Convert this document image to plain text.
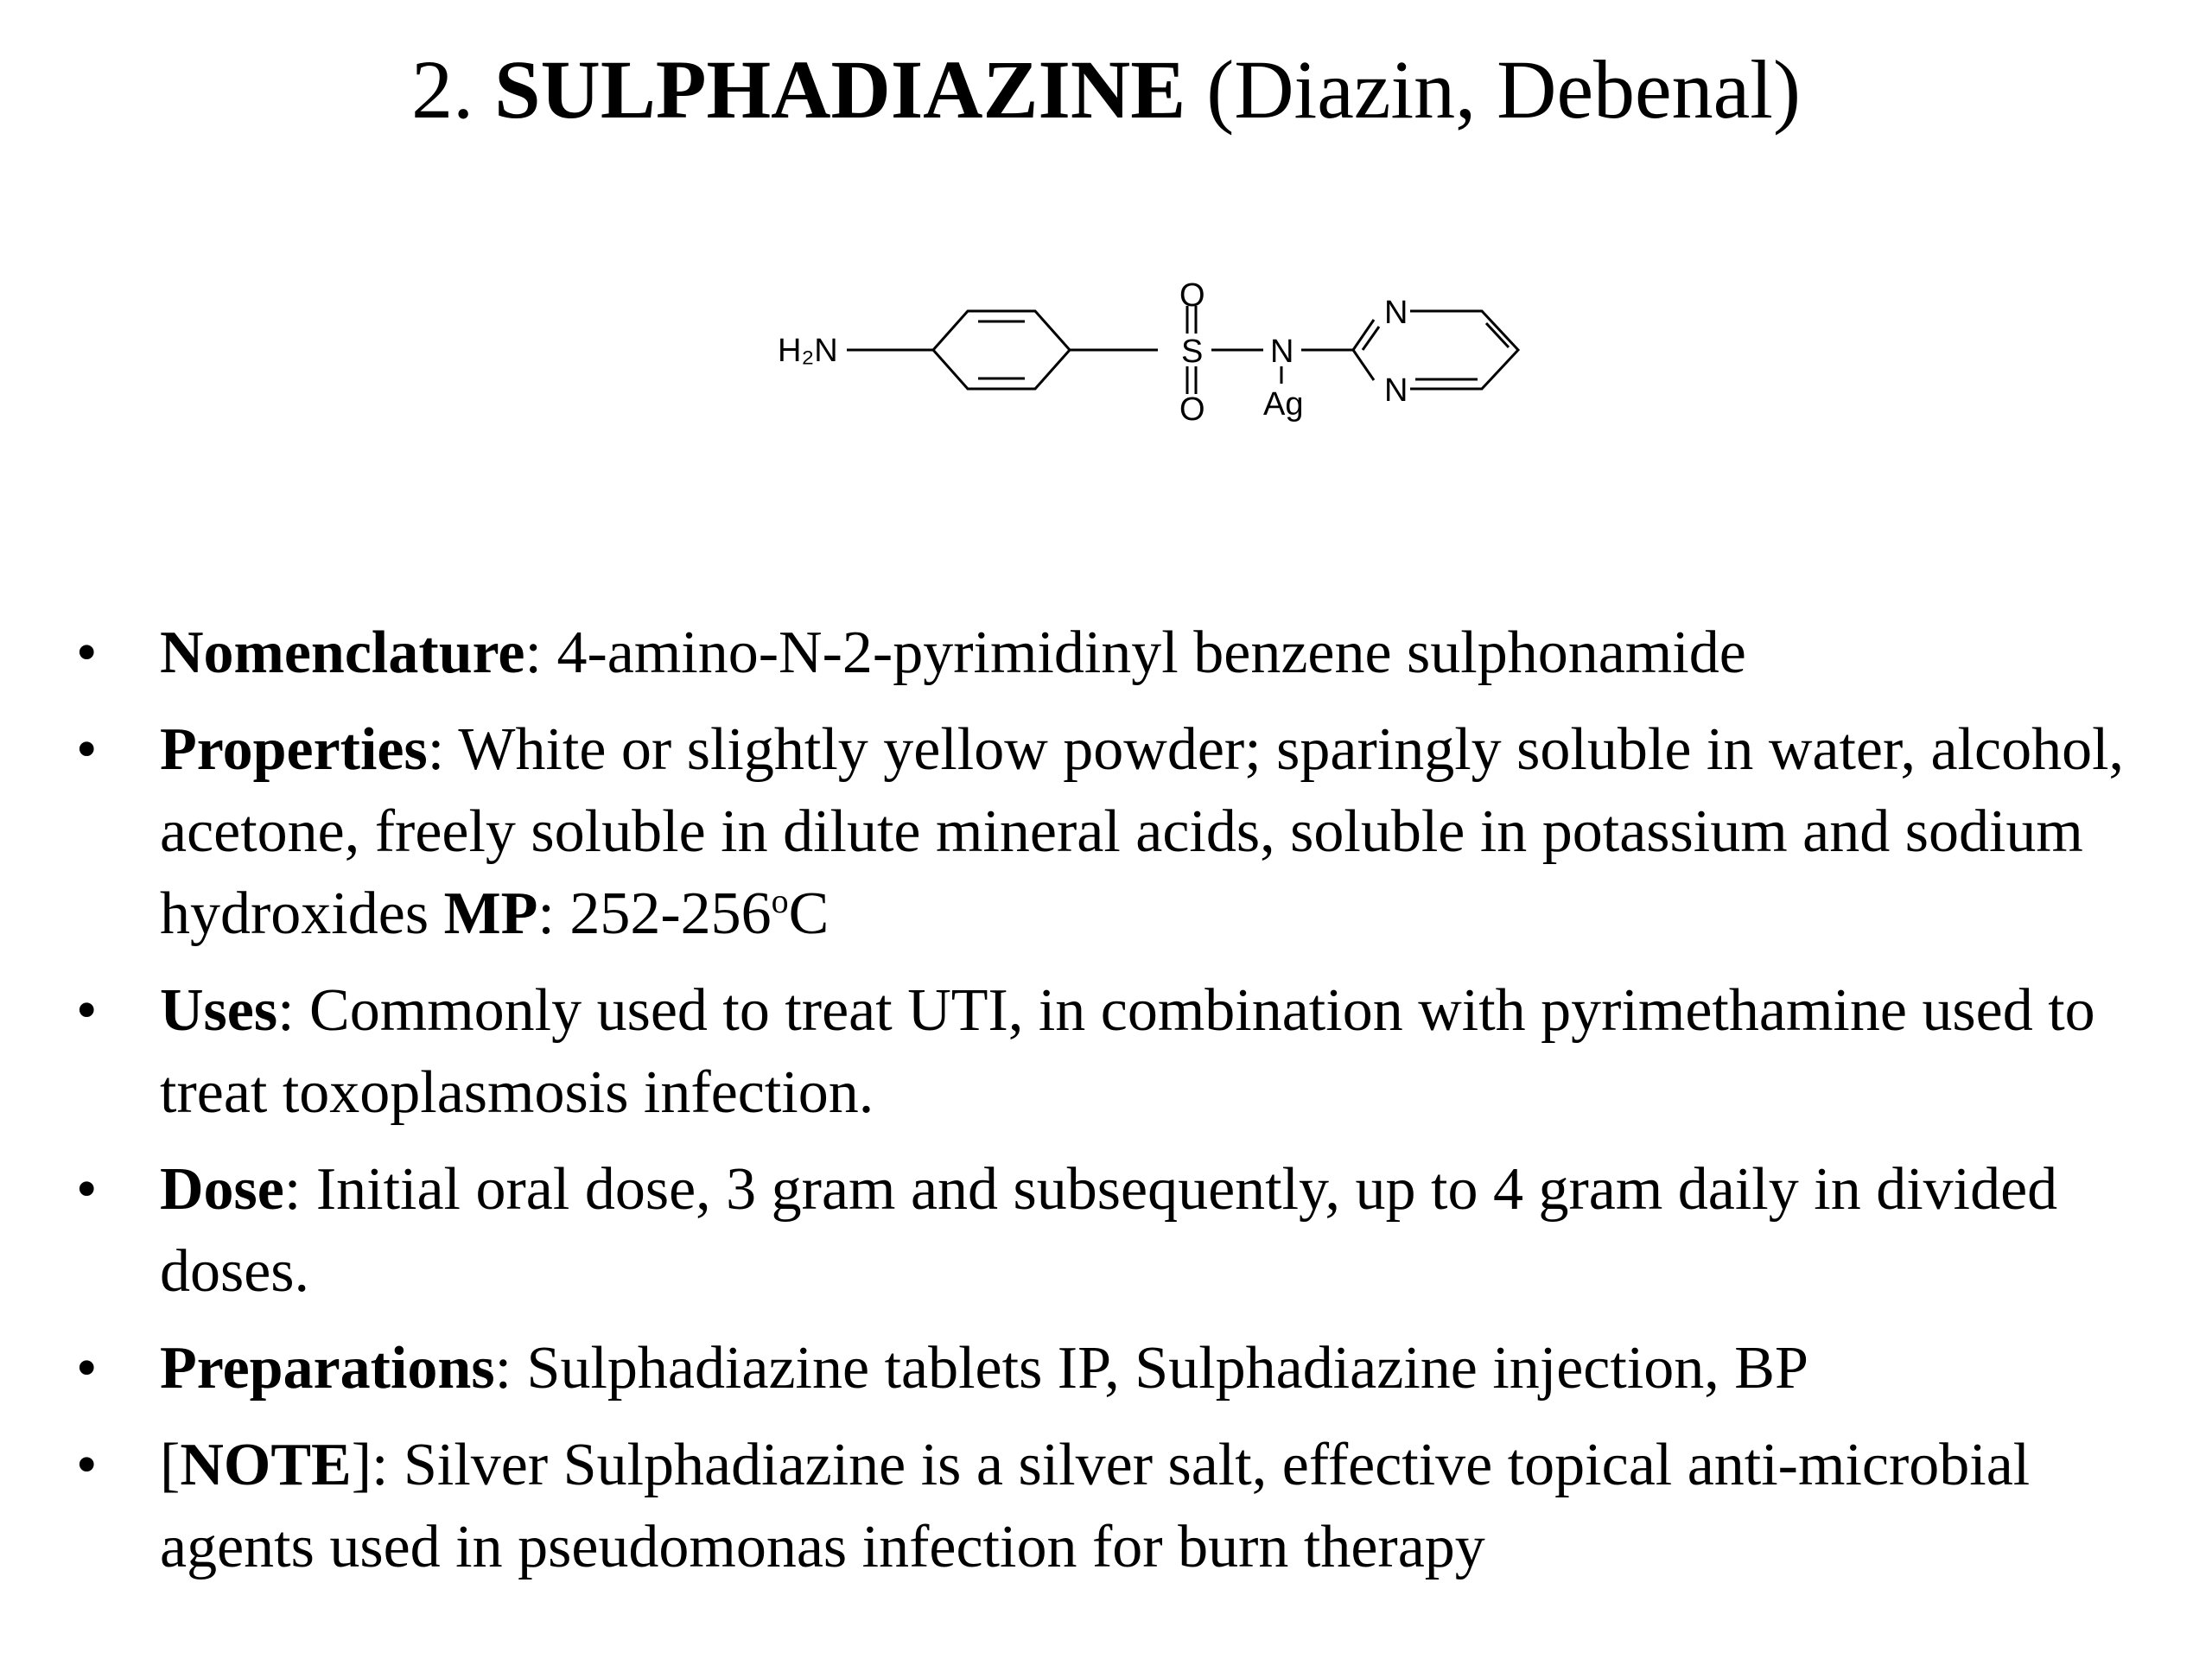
2. SULPHADIAZINE (Diazin, Debenal)
H₂N
O
S
O
N
Ag
N
N
• Nomenclature: 4-amino-N-2-pyrimidinyl benzene sulphonamide
• Properties: White or slightly yellow powder; sparingly soluble in water, alcohol, acetone, freely soluble in dilute mineral acids, soluble in potassium and sodium hydroxides MP: 252-256$^o$C
• Uses: Commonly used to treat UTI, in combination with pyrimethamine used to treat toxoplasmosis infection.
• Dose: Initial oral dose, 3 gram and subsequently, up to 4 gram daily in divided doses.
• Preparations: Sulphadiazine tablets IP, Sulphadiazine injection, BP
• [NOTE]: Silver Sulphadiazine is a silver salt, effective topical anti-microbial agents used in pseudomonas infection for burn therapy
